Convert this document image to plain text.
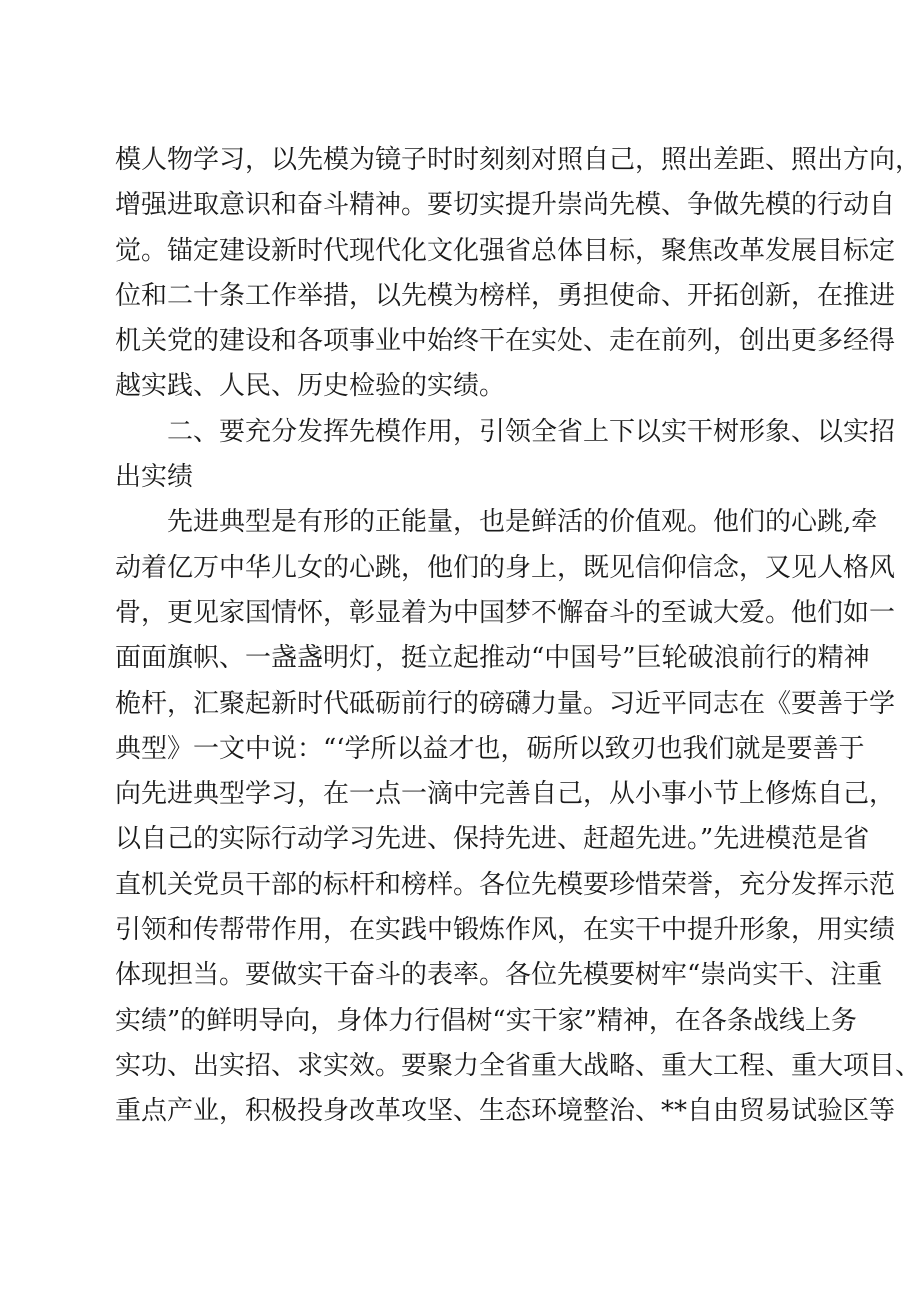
模人物学习，以先模为镜子时时刻刻对照自己，照出差距、照出方向，
增强进取意识和奋斗精神。要切实提升崇尚先模、争做先模的行动自
觉。锚定建设新时代现代化文化强省总体目标，聚焦改革发展目标定
位和二十条工作举措，以先模为榜样，勇担使命、开拓创新，在推进
机关党的建设和各项事业中始终干在实处、走在前列，创出更多经得
越实践、人民、历史检验的实绩。
二、要充分发挥先模作用，引领全省上下以实干树形象、以实招
出实绩
先进典型是有形的正能量，也是鲜活的价值观。他们的心跳,牵
动着亿万中华儿女的心跳，他们的身上，既见信仰信念，又见人格风
骨，更见家国情怀，彰显着为中国梦不懈奋斗的至诚大爱。他们如一
面面旗帜、一盏盏明灯，挺立起推动“中国号”巨轮破浪前行的精神
桅杆，汇聚起新时代砥砺前行的磅礴力量。习近平同志在《要善于学
典型》一文中说：“‘学所以益才也，砺所以致刃也我们就是要善于
向先进典型学习，在一点一滴中完善自己，从小事小节上修炼自己，
以自己的实际行动学习先进、保持先进、赶超先进。”先进模范是省
直机关党员干部的标杆和榜样。各位先模要珍惜荣誉，充分发挥示范
引领和传帮带作用，在实践中锻炼作风，在实干中提升形象，用实绩
体现担当。要做实干奋斗的表率。各位先模要树牢“崇尚实干、注重
实绩”的鲜明导向，身体力行倡树“实干家”精神，在各条战线上务
实功、出实招、求实效。要聚力全省重大战略、重大工程、重大项目、
重点产业，积极投身改革攻坚、生态环境整治、**自由贸易试验区等
